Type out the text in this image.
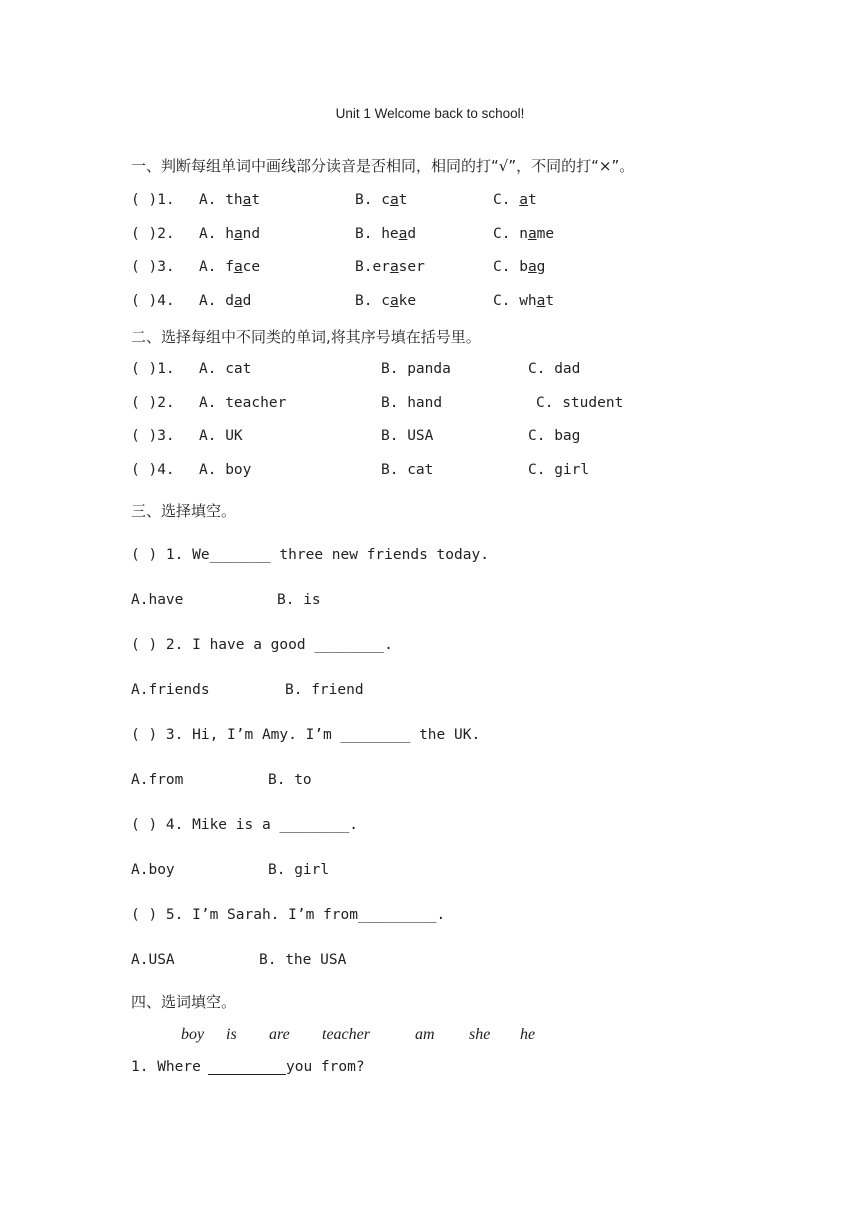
Unit 1 Welcome back to school!
一、判断每组单词中画线部分读音是否相同，相同的打“√”，不同的打“×”。
( )1. A. that	B. cat	C. at
( )2. A. hand	B. head	C. name
( )3. A. face	B.eraser	C. bag
( )4. A. dad	B. cake	C. what
二、选择每组中不同类的单词,将其序号填在括号里。
( )1. A. cat	B. panda	C. dad
( )2. A. teacher	B. hand	C. student
( )3. A. UK	B. USA	C. bag
( )4. A. boy	B. cat	C. girl
三、选择填空。
( ) 1. We_______ three new friends today.
A.have	B. is
( ) 2. I have a good ________.
A.friends	B. friend
( ) 3. Hi, I’m Amy. I’m ________ the UK.
A.from	B. to
( ) 4. Mike is a ________.
A.boy	B. girl
( ) 5. I’m Sarah. I’m from_________.
A.USA	B. the USA
四、选词填空。
boy is are teacher	am she he
1. Where	you from?
